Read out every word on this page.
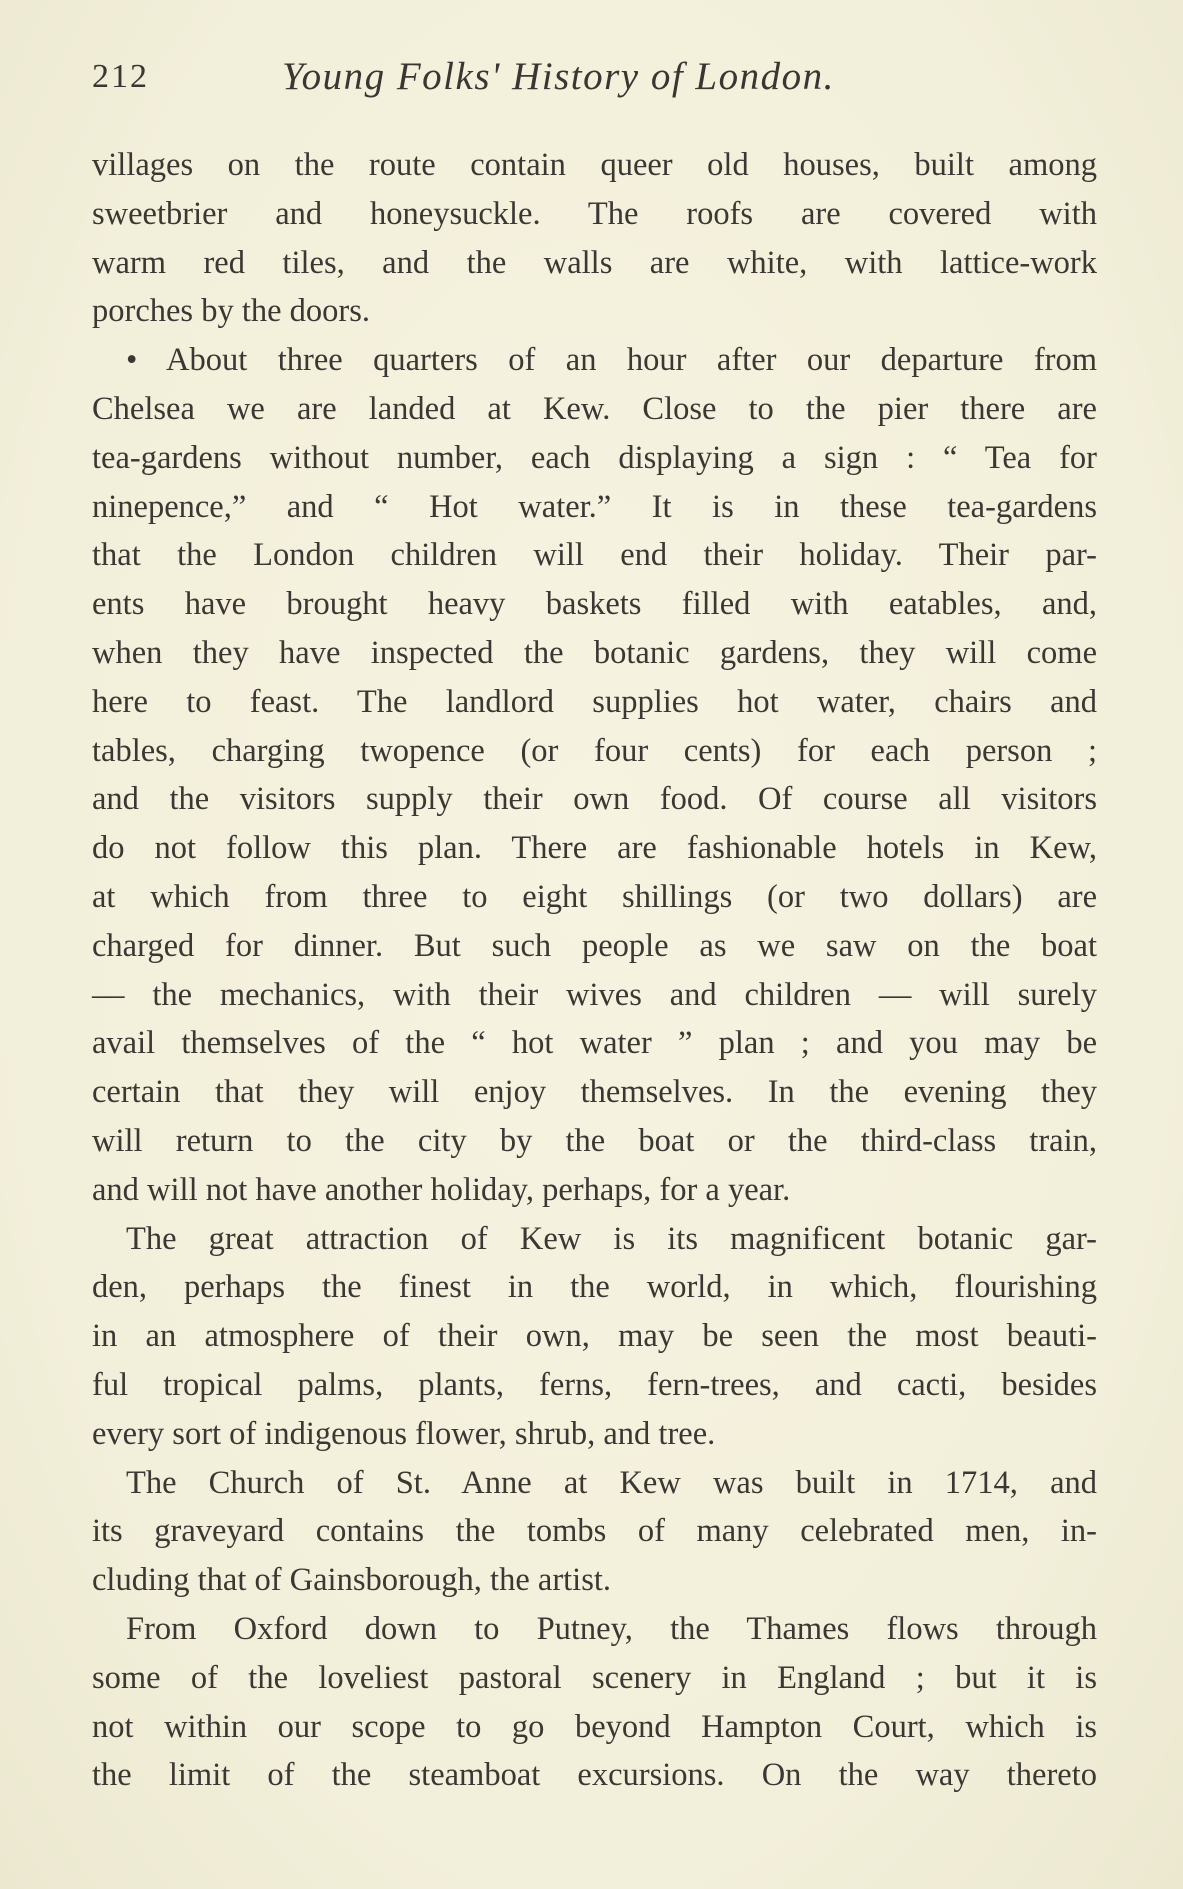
212	Young Folks' History of London.
villages on the route contain queer old houses, built among
sweetbrier and honeysuckle. The roofs are covered with
warm red tiles, and the walls are white, with lattice-work
porches by the doors.
• About three quarters of an hour after our departure from
Chelsea we are landed at Kew. Close to the pier there are
tea-gardens without number, each displaying a sign : “ Tea for
ninepence,” and “ Hot water.” It is in these tea-gardens
that the London children will end their holiday. Their par-
ents have brought heavy baskets filled with eatables, and,
when they have inspected the botanic gardens, they will come
here to feast. The landlord supplies hot water, chairs and
tables, charging twopence (or four cents) for each person ;
and the visitors supply their own food. Of course all visitors
do not follow this plan. There are fashionable hotels in Kew,
at which from three to eight shillings (or two dollars) are
charged for dinner. But such people as we saw on the boat
— the mechanics, with their wives and children — will surely
avail themselves of the “ hot water ” plan ; and you may be
certain that they will enjoy themselves. In the evening they
will return to the city by the boat or the third-class train,
and will not have another holiday, perhaps, for a year.
The great attraction of Kew is its magnificent botanic gar-
den, perhaps the finest in the world, in which, flourishing
in an atmosphere of their own, may be seen the most beauti-
ful tropical palms, plants, ferns, fern-trees, and cacti, besides
every sort of indigenous flower, shrub, and tree.
The Church of St. Anne at Kew was built in 1714, and
its graveyard contains the tombs of many celebrated men, in-
cluding that of Gainsborough, the artist.
From Oxford down to Putney, the Thames flows through
some of the loveliest pastoral scenery in England ; but it is
not within our scope to go beyond Hampton Court, which is
the limit of the steamboat excursions. On the way thereto
